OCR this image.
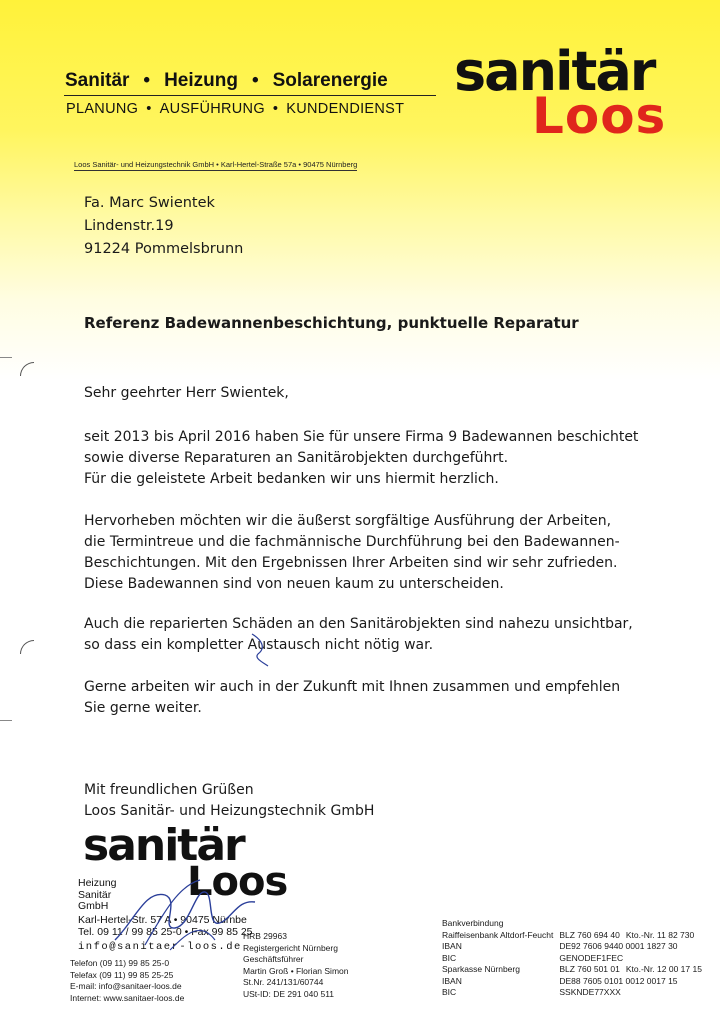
Sanitär • Heizung • Solarenergie
PLANUNG • AUSFÜHRUNG • KUNDENDIENST
sanitär
Loos
Loos Sanitär- und Heizungstechnik GmbH • Karl-Hertel-Straße 57a • 90475 Nürnberg
Fa. Marc Swientek
Lindenstr.19
91224 Pommelsbrunn
Referenz Badewannenbeschichtung, punktuelle Reparatur
Sehr geehrter Herr Swientek,
seit 2013 bis April 2016 haben Sie für unsere Firma 9 Badewannen beschichtet
sowie diverse Reparaturen an Sanitärobjekten durchgeführt.
Für die geleistete Arbeit bedanken wir uns hiermit herzlich.
Hervorheben möchten wir die äußerst sorgfältige Ausführung der Arbeiten,
die Termintreue und die fachmännische Durchführung bei den Badewannen-
Beschichtungen. Mit den Ergebnissen Ihrer Arbeiten sind wir sehr zufrieden.
Diese Badewannen sind von neuen kaum zu unterscheiden.
Auch die reparierten Schäden an den Sanitärobjekten sind nahezu unsichtbar,
so dass ein kompletter Austausch nicht nötig war.
Gerne arbeiten wir auch in der Zukunft mit Ihnen zusammen und empfehlen
Sie gerne weiter.
Mit freundlichen Grüßen
Loos Sanitär- und Heizungstechnik GmbH
sanitär
Loos
Heizung
Sanitär
GmbH
Karl-Hertel-Str. 57 A • 90475 Nürnbe
Tel. 09 11 / 99 85 25-0 • Fax 99 85 25
info@sanitaer-loos.de
Telefon (09 11) 99 85 25-0
Telefax (09 11) 99 85 25-25
E-mail: info@sanitaer-loos.de
Internet: www.sanitaer-loos.de
HRB 29963
Registergericht Nürnberg
Geschäftsführer
Martin Groß • Florian Simon
St.Nr. 241/131/60744
USt-ID: DE 291 040 511
Bankverbindung
Raiffeisenbank Altdorf-Feucht	BLZ 760 694 40	Kto.-Nr. 11 82 730
IBAN	DE92 7606 9440 0001 1827 30	
BIC	GENODEF1FEC	
Sparkasse Nürnberg	BLZ 760 501 01	Kto.-Nr. 12 00 17 15
IBAN	DE88 7605 0101 0012 0017 15	
BIC	SSKNDE77XXX	
